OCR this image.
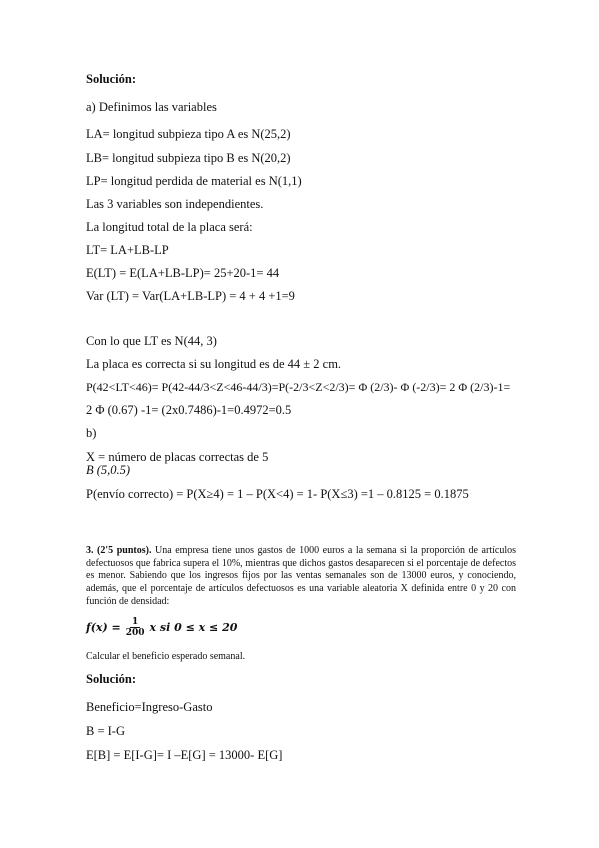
Solución:
a) Definimos las variables
LA= longitud subpieza tipo A es N(25,2)
LB= longitud subpieza tipo B es N(20,2)
LP= longitud perdida de material es N(1,1)
Las 3 variables son independientes.
La longitud total de la placa será:
LT= LA+LB-LP
E(LT) = E(LA+LB-LP)= 25+20-1= 44
Var (LT) = Var(LA+LB-LP) = 4 + 4 +1=9
Con lo que LT es N(44, 3)
La placa es correcta si su longitud es de 44 ± 2 cm.
P(42<LT<46)= P(42-44/3<Z<46-44/3)=P(-2/3<Z<2/3)= Φ (2/3)- Φ (-2/3)= 2 Φ (2/3)-1=
2 Φ (0.67) -1= (2x0.7486)-1=0.4972=0.5
b)
X = número de placas correctas de 5
B (5,0.5)
P(envío correcto) = P(X≥4) = 1 – P(X<4) = 1- P(X≤3) =1 – 0.8125 = 0.1875
3. (2'5 puntos). Una empresa tiene unos gastos de 1000 euros a la semana si la proporción de artículos defectuosos que fabrica supera el 10%, mientras que dichos gastos desaparecen si el porcentaje de defectos es menor. Sabiendo que los ingresos fijos por las ventas semanales son de 13000 euros, y conociendo, además, que el porcentaje de artículos defectuosos es una variable aleatoria X definida entre 0 y 20 con función de densidad:
$f(x) = \frac{1}{200}$ x si 0 ≤ x ≤ 20
Calcular el beneficio esperado semanal.
Solución:
Beneficio=Ingreso-Gasto
B = I-G
E[B] = E[I-G]= I –E[G] = 13000- E[G]
